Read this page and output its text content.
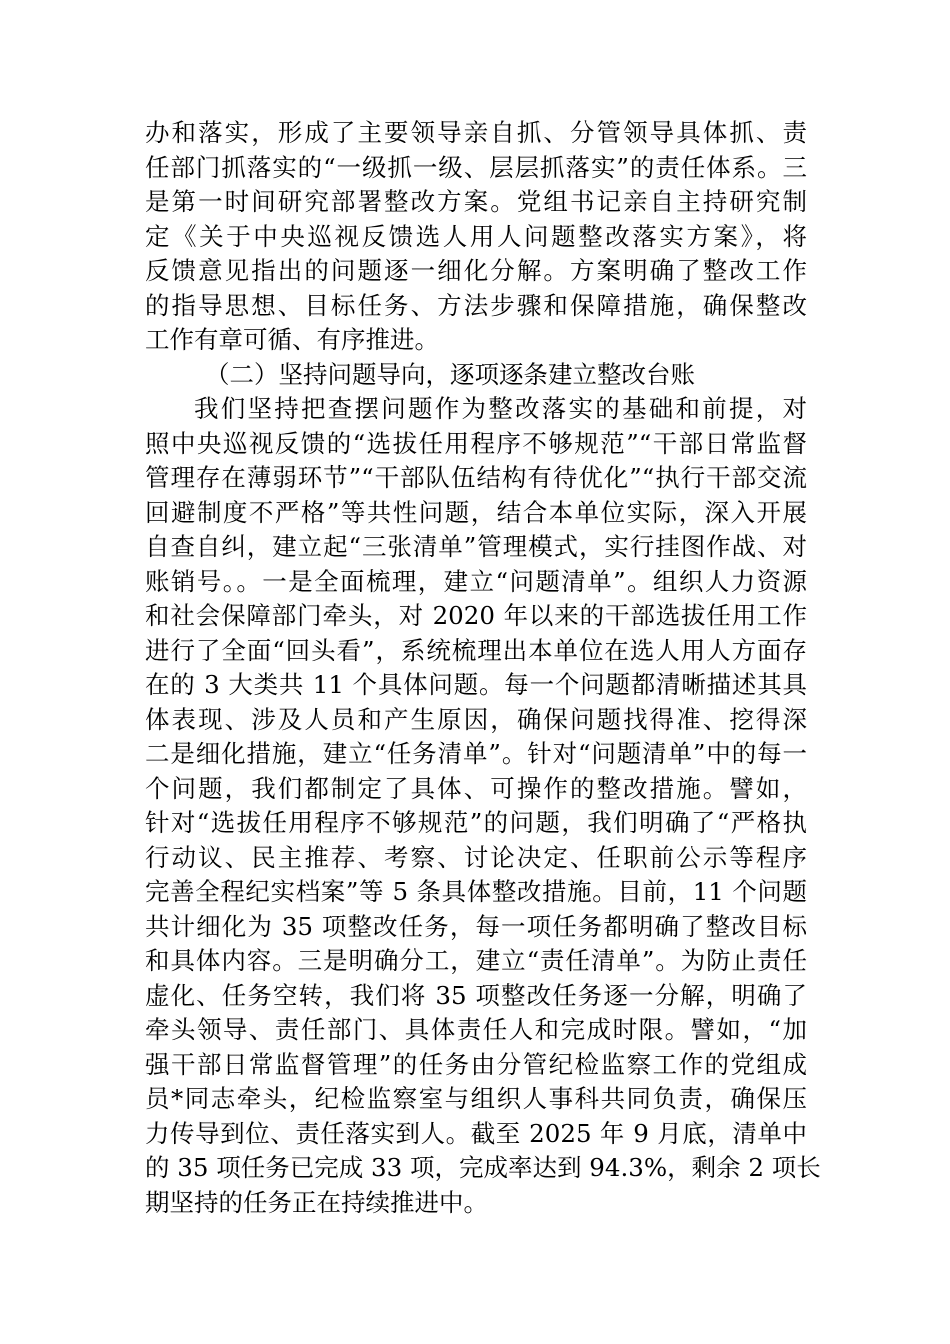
办和落实，形成了主要领导亲自抓、分管领导具体抓、责
任部门抓落实的“一级抓一级、层层抓落实”的责任体系。三
是第一时间研究部署整改方案。党组书记亲自主持研究制
定《关于中央巡视反馈选人用人问题整改落实方案》，将
反馈意见指出的问题逐一细化分解。方案明确了整改工作
的指导思想、目标任务、方法步骤和保障措施，确保整改
工作有章可循、有序推进。
（二）坚持问题导向，逐项逐条建立整改台账
我们坚持把查摆问题作为整改落实的基础和前提，对
照中央巡视反馈的“选拔任用程序不够规范”“干部日常监督
管理存在薄弱环节”“干部队伍结构有待优化”“执行干部交流
回避制度不严格”等共性问题，结合本单位实际，深入开展
自查自纠，建立起“三张清单”管理模式，实行挂图作战、对
账销号。。一是全面梳理，建立“问题清单”。组织人力资源
和社会保障部门牵头，对 2020 年以来的干部选拔任用工作
进行了全面“回头看”，系统梳理出本单位在选人用人方面存
在的 3 大类共 11 个具体问题。每一个问题都清晰描述其具
体表现、涉及人员和产生原因，确保问题找得准、挖得深
二是细化措施，建立“任务清单”。针对“问题清单”中的每一
个问题，我们都制定了具体、可操作的整改措施。譬如，
针对“选拔任用程序不够规范”的问题，我们明确了“严格执
行动议、民主推荐、考察、讨论决定、任职前公示等程序
完善全程纪实档案”等 5 条具体整改措施。目前，11 个问题
共计细化为 35 项整改任务，每一项任务都明确了整改目标
和具体内容。三是明确分工，建立“责任清单”。为防止责任
虚化、任务空转，我们将 35 项整改任务逐一分解，明确了
牵头领导、责任部门、具体责任人和完成时限。譬如，“加
强干部日常监督管理”的任务由分管纪检监察工作的党组成
员*同志牵头，纪检监察室与组织人事科共同负责，确保压
力传导到位、责任落实到人。截至 2025 年 9 月底，清单中
的 35 项任务已完成 33 项，完成率达到 94.3%，剩余 2 项长
期坚持的任务正在持续推进中。
